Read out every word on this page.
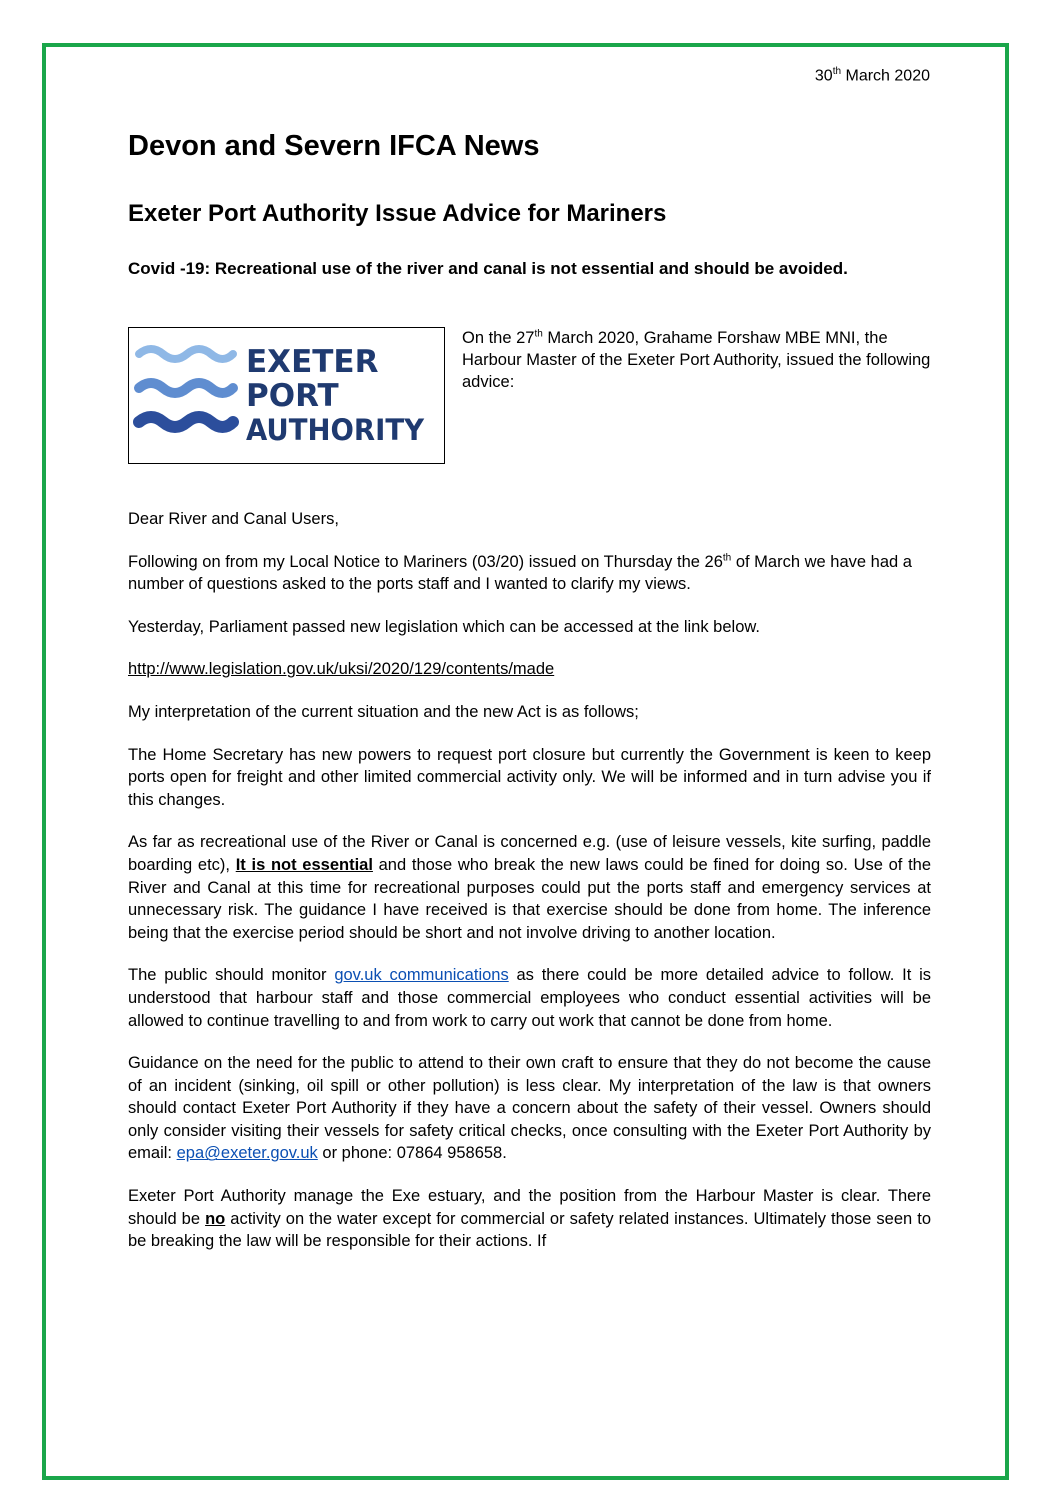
30th March 2020
Devon and Severn IFCA News
Exeter Port Authority Issue Advice for Mariners

Covid -19: Recreational use of the river and canal is not essential and should be avoided.

EXETER
PORT
AUTHORITY

On the 27th March 2020, Grahame Forshaw MBE MNI, the Harbour Master of the Exeter Port Authority, issued the following advice:

Dear River and Canal Users,

Following on from my Local Notice to Mariners (03/20) issued on Thursday the 26th of March we have had a number of questions asked to the ports staff and I wanted to clarify my views.

Yesterday, Parliament passed new legislation which can be accessed at the link below.

http://www.legislation.gov.uk/uksi/2020/129/contents/made

My interpretation of the current situation and the new Act is as follows;

The Home Secretary has new powers to request port closure but currently the Government is keen to keep ports open for freight and other limited commercial activity only. We will be informed and in turn advise you if this changes.

As far as recreational use of the River or Canal is concerned e.g. (use of leisure vessels, kite surfing, paddle boarding etc), It is not essential and those who break the new laws could be fined for doing so. Use of the River and Canal at this time for recreational purposes could put the ports staff and emergency services at unnecessary risk. The guidance I have received is that exercise should be done from home. The inference being that the exercise period should be short and not involve driving to another location.

The public should monitor gov.uk communications as there could be more detailed advice to follow. It is understood that harbour staff and those commercial employees who conduct essential activities will be allowed to continue travelling to and from work to carry out work that cannot be done from home.

Guidance on the need for the public to attend to their own craft to ensure that they do not become the cause of an incident (sinking, oil spill or other pollution) is less clear. My interpretation of the law is that owners should contact Exeter Port Authority if they have a concern about the safety of their vessel. Owners should only consider visiting their vessels for safety critical checks, once consulting with the Exeter Port Authority by email: epa@exeter.gov.uk or phone: 07864 958658.

Exeter Port Authority manage the Exe estuary, and the position from the Harbour Master is clear. There should be no activity on the water except for commercial or safety related instances. Ultimately those seen to be breaking the law will be responsible for their actions. If
